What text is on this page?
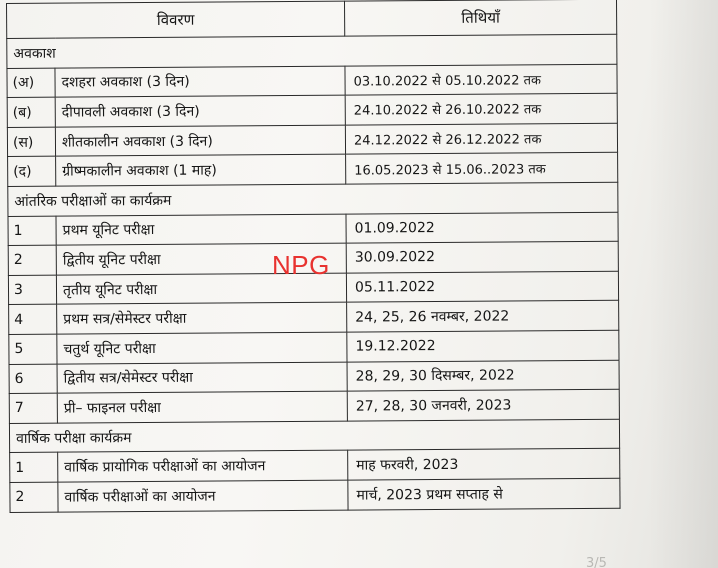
विवरण		तिथियाँ
अवकाश		
(अ)	दशहरा अवकाश (3 दिन)	03.10.2022 से 05.10.2022 तक
(ब)	दीपावली अवकाश (3 दिन)	24.10.2022 से 26.10.2022 तक
(स)	शीतकालीन अवकाश (3 दिन)	24.12.2022 से 26.12.2022 तक
(द)	ग्रीष्मकालीन अवकाश (1 माह)	16.05.2023 से 15.06..2023 तक
आंतरिक परीक्षाओं का कार्यक्रम		
1	प्रथम यूनिट परीक्षा	01.09.2022
2	द्वितीय यूनिट परीक्षा	30.09.2022
3	तृतीय यूनिट परीक्षा	05.11.2022
4	प्रथम सत्र/सेमेस्टर परीक्षा	24, 25, 26 नवम्बर, 2022
5	चतुर्थ यूनिट परीक्षा	19.12.2022
6	द्वितीय सत्र/सेमेस्टर परीक्षा	28, 29, 30 दिसम्बर, 2022
7	प्री– फाइनल परीक्षा	27, 28, 30 जनवरी, 2023
वार्षिक परीक्षा कार्यक्रम		
1	वार्षिक प्रायोगिक परीक्षाओं का आयोजन	माह फरवरी, 2023
2	वार्षिक परीक्षाओं का आयोजन	मार्च, 2023 प्रथम सप्ताह से
NPG
3/5
